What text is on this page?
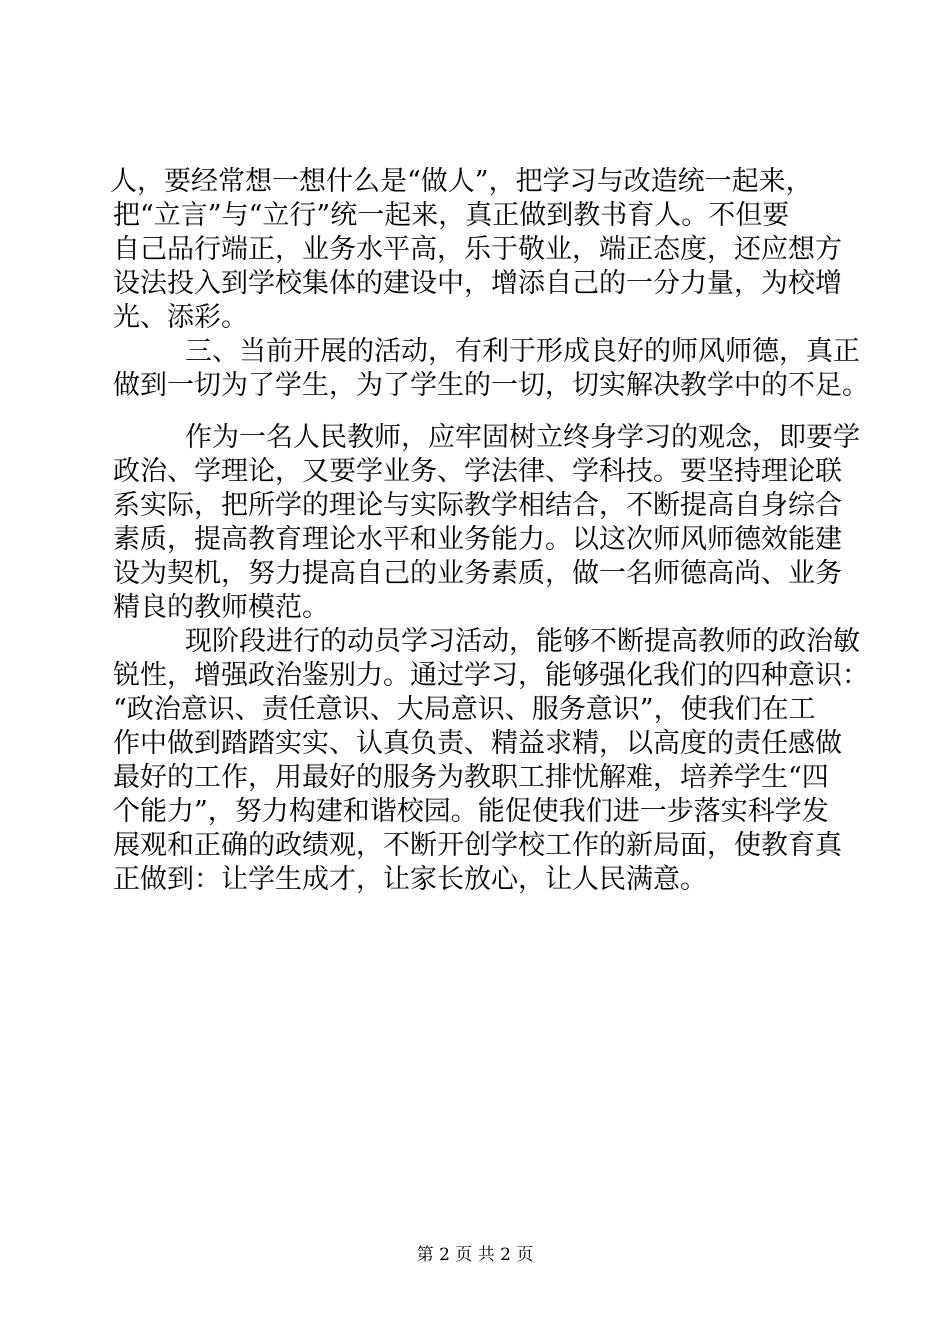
人，要经常想一想什么是“做人”，把学习与改造统一起来，
把“立言”与“立行”统一起来，真正做到教书育人。不但要
自己品行端正，业务水平高，乐于敬业，端正态度，还应想方
设法投入到学校集体的建设中，增添自己的一分力量，为校增
光、添彩。
三、当前开展的活动，有利于形成良好的师风师德，真正
做到一切为了学生，为了学生的一切，切实解决教学中的不足。
作为一名人民教师，应牢固树立终身学习的观念，即要学
政治、学理论，又要学业务、学法律、学科技。要坚持理论联
系实际，把所学的理论与实际教学相结合，不断提高自身综合
素质，提高教育理论水平和业务能力。以这次师风师德效能建
设为契机，努力提高自己的业务素质，做一名师德高尚、业务
精良的教师模范。
现阶段进行的动员学习活动，能够不断提高教师的政治敏
锐性，增强政治鉴别力。通过学习，能够强化我们的四种意识：
“政治意识、责任意识、大局意识、服务意识”，使我们在工
作中做到踏踏实实、认真负责、精益求精，以高度的责任感做
最好的工作，用最好的服务为教职工排忧解难，培养学生“四
个能力”，努力构建和谐校园。能促使我们进一步落实科学发
展观和正确的政绩观，不断开创学校工作的新局面，使教育真
正做到：让学生成才，让家长放心，让人民满意。
第 2 页 共 2 页
